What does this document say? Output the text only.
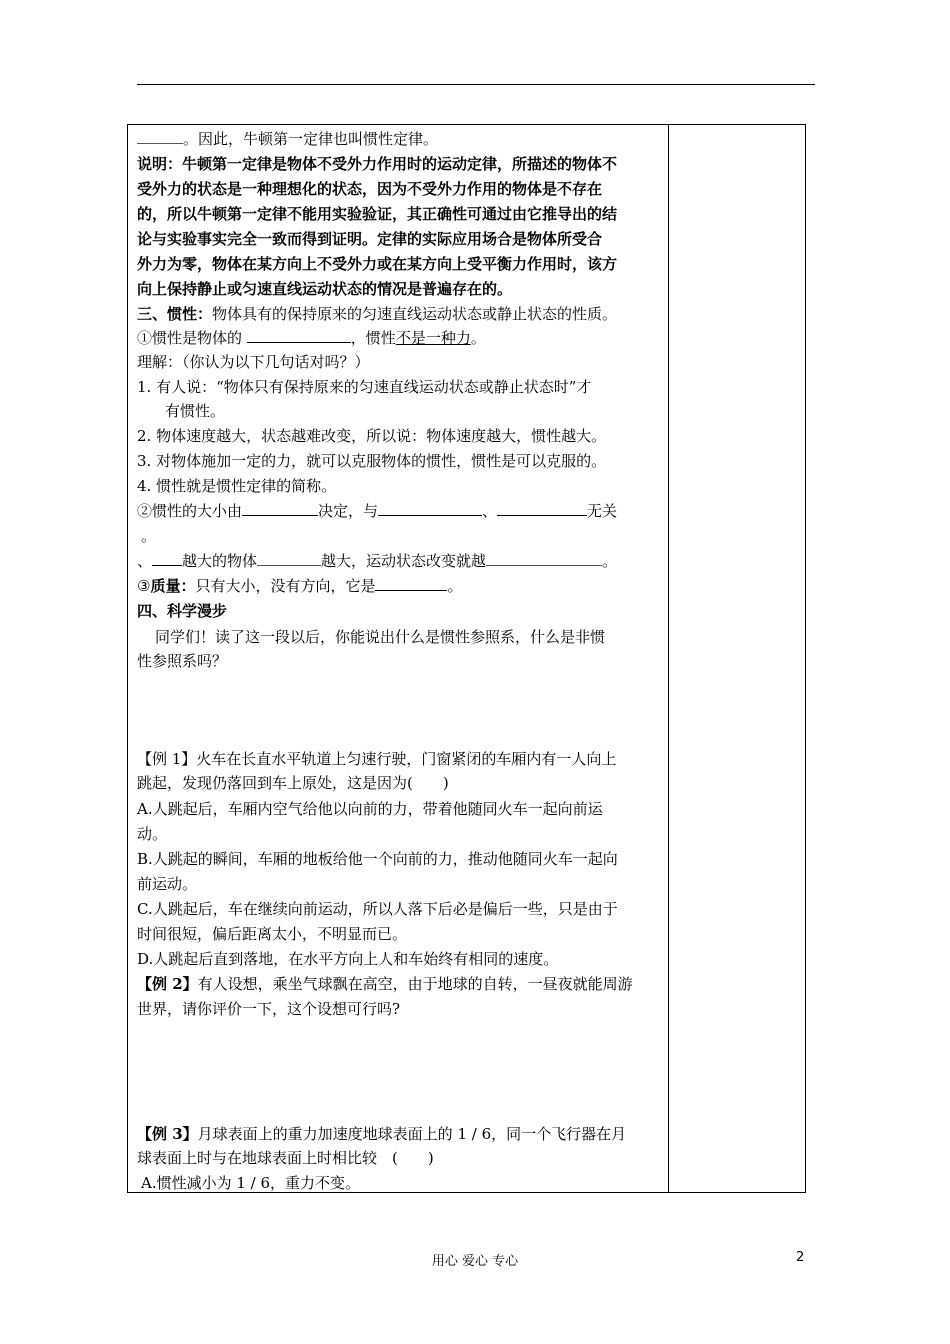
。因此，牛顿第一定律也叫惯性定律。
说明：牛顿第一定律是物体不受外力作用时的运动定律，所描述的物体不
受外力的状态是一种理想化的状态，因为不受外力作用的物体是不存在
的，所以牛顿第一定律不能用实验验证，其正确性可通过由它推导出的结
论与实验事实完全一致而得到证明。定律的实际应用场合是物体所受合
外力为零，物体在某方向上不受外力或在某方向上受平衡力作用时，该方
向上保持静止或匀速直线运动状态的情况是普遍存在的。
三、惯性：物体具有的保持原来的匀速直线运动状态或静止状态的性质。
①惯性是物体的	，惯性不是一种力。
理解：（你认为以下几句话对吗？）
1. 有人说：“物体只有保持原来的匀速直线运动状态或静止状态时”才
有惯性。
2. 物体速度越大，状态越难改变，所以说：物体速度越大，惯性越大。
3. 对物体施加一定的力，就可以克服物体的惯性，惯性是可以克服的。
4. 惯性就是惯性定律的简称。
②惯性的大小由	决定，与	、	无关
。
、 越大的物体	越大，运动状态改变就越	。
③质量：只有大小，没有方向，它是	。
四、科学漫步
同学们！读了这一段以后，你能说出什么是惯性参照系，什么是非惯
性参照系吗？
【例 1】火车在长直水平轨道上匀速行驶，门窗紧闭的车厢内有一人向上
跳起，发现仍落回到车上原处，这是因为(　　)
A.人跳起后，车厢内空气给他以向前的力，带着他随同火车一起向前运
动。
B.人跳起的瞬间，车厢的地板给他一个向前的力，推动他随同火车一起向
前运动。
C.人跳起后，车在继续向前运动，所以人落下后必是偏后一些，只是由于
时间很短，偏后距离太小，不明显而已。
D.人跳起后直到落地，在水平方向上人和车始终有相同的速度。
【例 2】有人设想，乘坐气球飘在高空，由于地球的自转，一昼夜就能周游
世界，请你评价一下，这个设想可行吗?
【例 3】月球表面上的重力加速度地球表面上的 1 / 6，同一个飞行器在月
球表面上时与在地球表面上时相比较　(　　)
A.惯性减小为 1 / 6，重力不变。
用心 爱心 专心	2
